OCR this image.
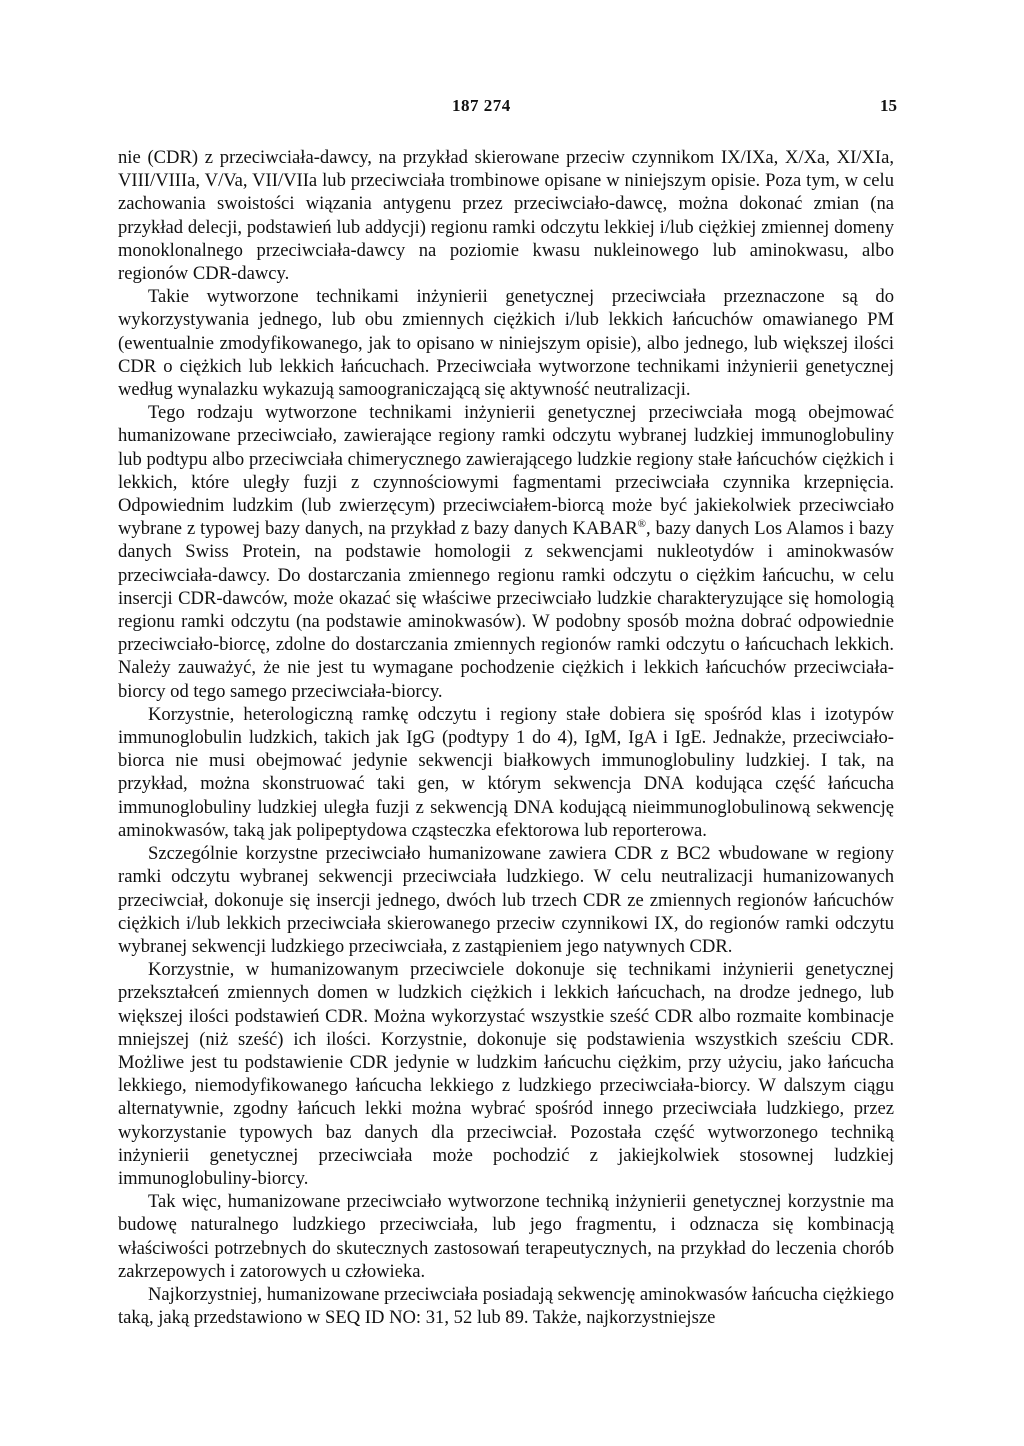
187 274	15

nie (CDR) z przeciwciała-dawcy, na przykład skierowane przeciw czynnikom IX/IXa, X/Xa, XI/XIa, VIII/VIIIa, V/Va, VII/VIIa lub przeciwciała trombinowe opisane w niniejszym opisie. Poza tym, w celu zachowania swoistości wiązania antygenu przez przeciwciało-dawcę, można dokonać zmian (na przykład delecji, podstawień lub addycji) regionu ramki odczytu lekkiej i/lub ciężkiej zmiennej domeny monoklonalnego przeciwciała-dawcy na poziomie kwasu nukleinowego lub aminokwasu, albo regionów CDR-dawcy.

Takie wytworzone technikami inżynierii genetycznej przeciwciała przeznaczone są do wykorzystywania jednego, lub obu zmiennych ciężkich i/lub lekkich łańcuchów omawianego PM (ewentualnie zmodyfikowanego, jak to opisano w niniejszym opisie), albo jednego, lub większej ilości CDR o ciężkich lub lekkich łańcuchach. Przeciwciała wytworzone technikami inżynierii genetycznej według wynalazku wykazują samoograniczającą się aktywność neutralizacji.

Tego rodzaju wytworzone technikami inżynierii genetycznej przeciwciała mogą obejmować humanizowane przeciwciało, zawierające regiony ramki odczytu wybranej ludzkiej immunoglobuliny lub podtypu albo przeciwciała chimerycznego zawierającego ludzkie regiony stałe łańcuchów ciężkich i lekkich, które uległy fuzji z czynnościowymi fagmentami przeciwciała czynnika krzepnięcia. Odpowiednim ludzkim (lub zwierzęcym) przeciwciałem-biorcą może być jakiekolwiek przeciwciało wybrane z typowej bazy danych, na przykład z bazy danych KABAR®, bazy danych Los Alamos i bazy danych Swiss Protein, na podstawie homologii z sekwencjami nukleotydów i aminokwasów przeciwciała-dawcy. Do dostarczania zmiennego regionu ramki odczytu o ciężkim łańcuchu, w celu insercji CDR-dawców, może okazać się właściwe przeciwciało ludzkie charakteryzujące się homologią regionu ramki odczytu (na podstawie aminokwasów). W podobny sposób można dobrać odpowiednie przeciwciało-biorcę, zdolne do dostarczania zmiennych regionów ramki odczytu o łańcuchach lekkich. Należy zauważyć, że nie jest tu wymagane pochodzenie ciężkich i lekkich łańcuchów przeciwciała-biorcy od tego samego przeciwciała-biorcy.

Korzystnie, heterologiczną ramkę odczytu i regiony stałe dobiera się spośród klas i izotypów immunoglobulin ludzkich, takich jak IgG (podtypy 1 do 4), IgM, IgA i IgE. Jednakże, przeciwciało-biorca nie musi obejmować jedynie sekwencji białkowych immunoglobuliny ludzkiej. I tak, na przykład, można skonstruować taki gen, w którym sekwencja DNA kodująca część łańcucha immunoglobuliny ludzkiej uległa fuzji z sekwencją DNA kodującą nieimmunoglobulinową sekwencję aminokwasów, taką jak polipeptydowa cząsteczka efektorowa lub reporterowa.

Szczególnie korzystne przeciwciało humanizowane zawiera CDR z BC2 wbudowane w regiony ramki odczytu wybranej sekwencji przeciwciała ludzkiego. W celu neutralizacji humanizowanych przeciwciał, dokonuje się insercji jednego, dwóch lub trzech CDR ze zmiennych regionów łańcuchów ciężkich i/lub lekkich przeciwciała skierowanego przeciw czynnikowi IX, do regionów ramki odczytu wybranej sekwencji ludzkiego przeciwciała, z zastąpieniem jego natywnych CDR.

Korzystnie, w humanizowanym przeciwciele dokonuje się technikami inżynierii genetycznej przekształceń zmiennych domen w ludzkich ciężkich i lekkich łańcuchach, na drodze jednego, lub większej ilości podstawień CDR. Można wykorzystać wszystkie sześć CDR albo rozmaite kombinacje mniejszej (niż sześć) ich ilości. Korzystnie, dokonuje się podstawienia wszystkich sześciu CDR. Możliwe jest tu podstawienie CDR jedynie w ludzkim łańcuchu ciężkim, przy użyciu, jako łańcucha lekkiego, niemodyfikowanego łańcucha lekkiego z ludzkiego przeciwciała-biorcy. W dalszym ciągu alternatywnie, zgodny łańcuch lekki można wybrać spośród innego przeciwciała ludzkiego, przez wykorzystanie typowych baz danych dla przeciwciał. Pozostała część wytworzonego techniką inżynierii genetycznej przeciwciała może pochodzić z jakiejkolwiek stosownej ludzkiej immunoglobuliny-biorcy.

Tak więc, humanizowane przeciwciało wytworzone techniką inżynierii genetycznej korzystnie ma budowę naturalnego ludzkiego przeciwciała, lub jego fragmentu, i odznacza się kombinacją właściwości potrzebnych do skutecznych zastosowań terapeutycznych, na przykład do leczenia chorób zakrzepowych i zatorowych u człowieka.

Najkorzystniej, humanizowane przeciwciała posiadają sekwencję aminokwasów łańcucha ciężkiego taką, jaką przedstawiono w SEQ ID NO: 31, 52 lub 89. Także, najkorzystniejsze
